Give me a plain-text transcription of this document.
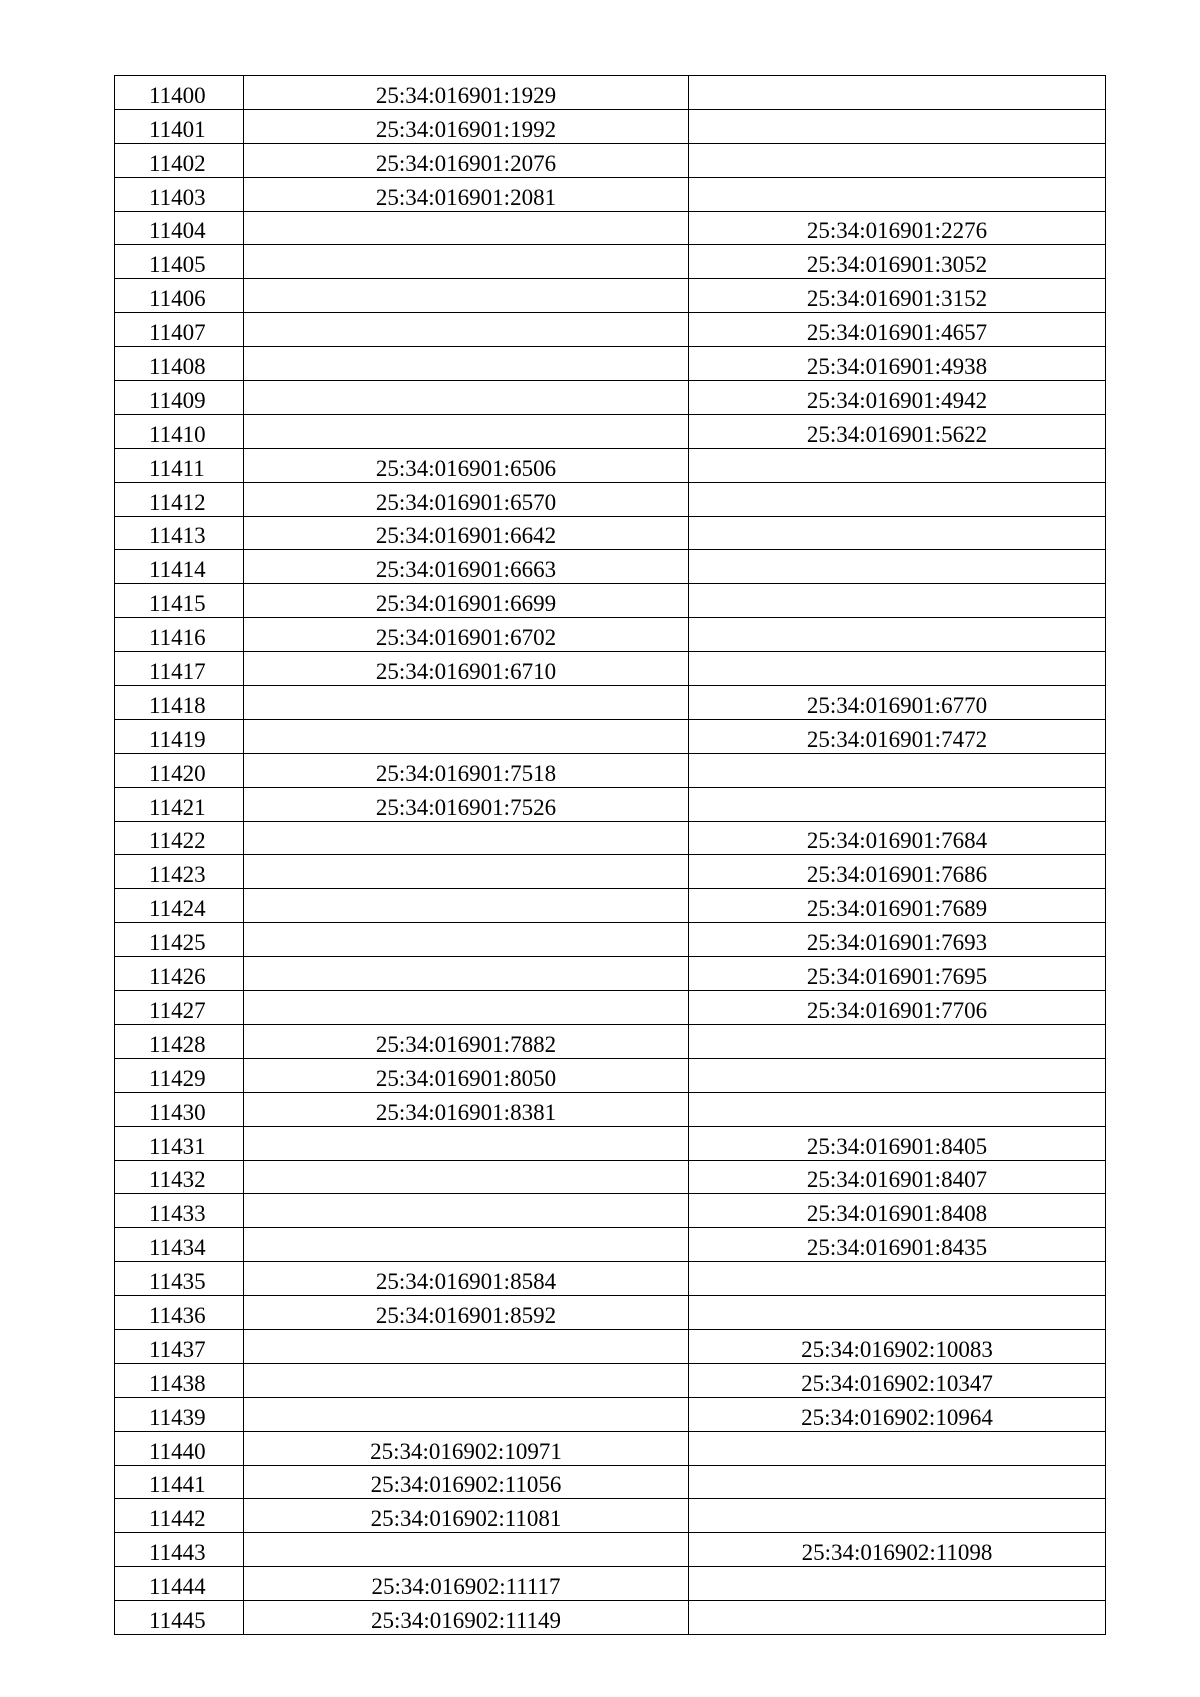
11400	25:34:016901:1929	

11401	25:34:016901:1992	

11402	25:34:016901:2076	

11403	25:34:016901:2081	

11404		25:34:016901:2276

11405		25:34:016901:3052

11406		25:34:016901:3152

11407		25:34:016901:4657

11408		25:34:016901:4938

11409		25:34:016901:4942

11410		25:34:016901:5622

11411	25:34:016901:6506	

11412	25:34:016901:6570	

11413	25:34:016901:6642	

11414	25:34:016901:6663	

11415	25:34:016901:6699	

11416	25:34:016901:6702	

11417	25:34:016901:6710	

11418		25:34:016901:6770

11419		25:34:016901:7472

11420	25:34:016901:7518	

11421	25:34:016901:7526	

11422		25:34:016901:7684

11423		25:34:016901:7686

11424		25:34:016901:7689

11425		25:34:016901:7693

11426		25:34:016901:7695

11427		25:34:016901:7706

11428	25:34:016901:7882	

11429	25:34:016901:8050	

11430	25:34:016901:8381	

11431		25:34:016901:8405

11432		25:34:016901:8407

11433		25:34:016901:8408

11434		25:34:016901:8435

11435	25:34:016901:8584	

11436	25:34:016901:8592	

11437		25:34:016902:10083

11438		25:34:016902:10347

11439		25:34:016902:10964

11440	25:34:016902:10971	

11441	25:34:016902:11056	

11442	25:34:016902:11081	

11443		25:34:016902:11098

11444	25:34:016902:11117	

11445	25:34:016902:11149	
